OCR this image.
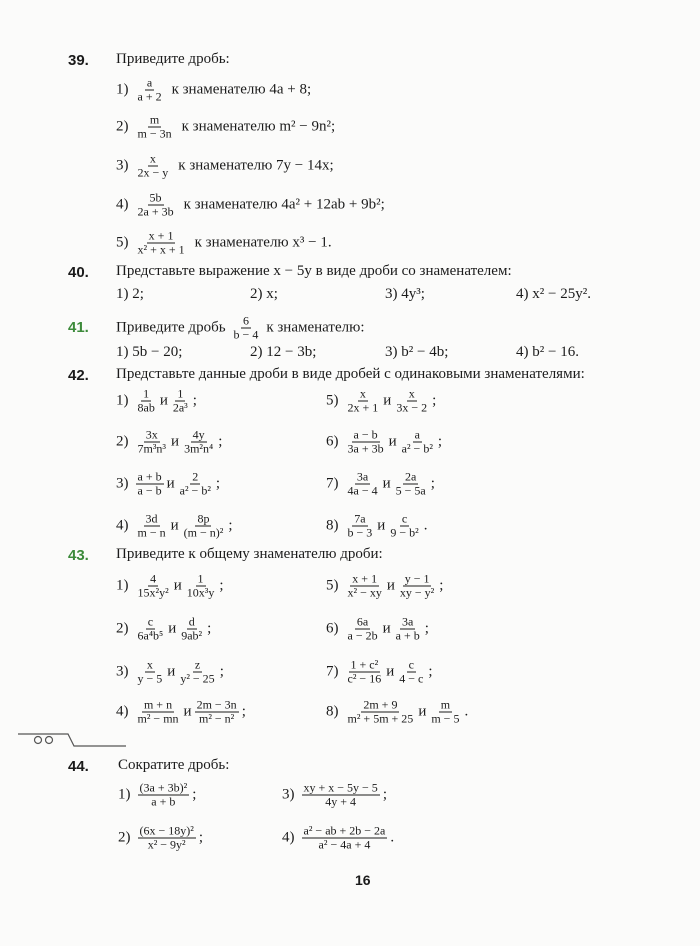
39. Приведите дробь:
1) a
a + 2 к знаменателю 4a + 8;
2) m
m − 3n к знаменателю m² − 9n²;
3) x
2x − y к знаменателю 7y − 14x;
4) 5b
2a + 3b к знаменателю 4a² + 12ab + 9b²;
5) x + 1
x² + x + 1 к знаменателю x³ − 1.
40. Представьте выражение x − 5y в виде дроби со знаменателем:
1) 2;	2) x;	3) 4y³;	4) x² − 25y².
41. Приведите дробь 6
b − 4 к знаменателю:
1) 5b − 20;	2) 12 − 3b;	3) b² − 4b;	4) b² − 16.
42. Представьте данные дроби в виде дробей с одинаковыми знаменателями:
1) 1
8ab и 1
2a³ ;
2) 3x
7m³n³ и 4y
3m²n⁴ ;
3) a + b
a − b и 2
a² − b² ;
4) 3d
m − n и 8p
(m − n)² ;
5) x
2x + 1 и x
3x − 2 ;
6) a − b
3a + 3b и a
a² − b² ;
7) 3a
4a − 4 и 2a
5 − 5a ;
8) 7a
b − 3 и c
9 − b² .
43. Приведите к общему знаменателю дроби:
1) 4
15x²y² и 1
10x³y ;
2) c
6a⁴b⁵ и d
9ab² ;
3) x
y − 5 и z
y² − 25 ;
4) m + n
m² − mn и 2m − 3n
m² − n² ;
5) x + 1
x² − xy и y − 1
xy − y² ;
6) 6a
a − 2b и 3a
a + b ;
7) 1 + c²
c² − 16 и c
4 − c ;
8) 2m + 9
m² + 5m + 25 и m
m − 5 .
44. Сократите дробь:
1) (3a + 3b)²
a + b ;
2) (6x − 18y)²
x² − 9y² ;
3) xy + x − 5y − 5
4y + 4 ;
4) a² − ab + 2b − 2a
a² − 4a + 4 .
16
